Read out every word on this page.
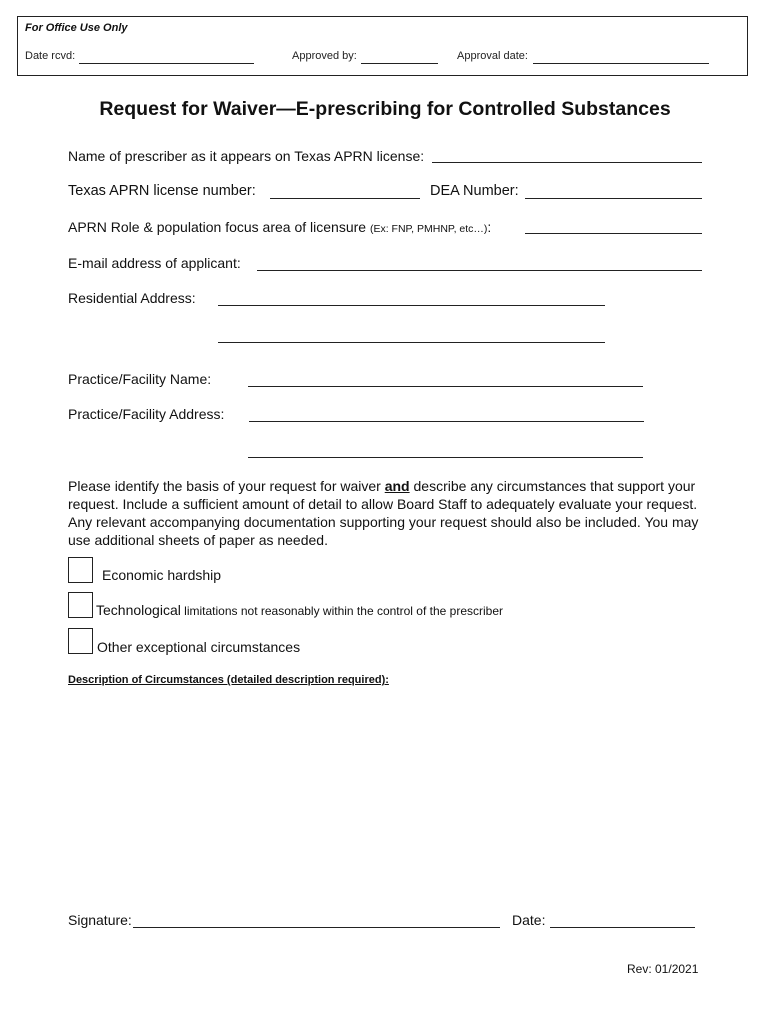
For Office Use Only
Date rcvd:	Approved by:	Approval date:
Request for Waiver—E-prescribing for Controlled Substances
Name of prescriber as it appears on Texas APRN license:
Texas APRN license number:	DEA Number:
APRN Role & population focus area of licensure (Ex: FNP, PMHNP, etc…):
E-mail address of applicant:
Residential Address:
Practice/Facility Name:
Practice/Facility Address:
Please identify the basis of your request for waiver and describe any circumstances that support your request. Include a sufficient amount of detail to allow Board Staff to adequately evaluate your request. Any relevant accompanying documentation supporting your request should also be included. You may use additional sheets of paper as needed.
Economic hardship
Technological limitations not reasonably within the control of the prescriber
Other exceptional circumstances
Description of Circumstances (detailed description required):
Signature:	Date:
Rev: 01/2021
